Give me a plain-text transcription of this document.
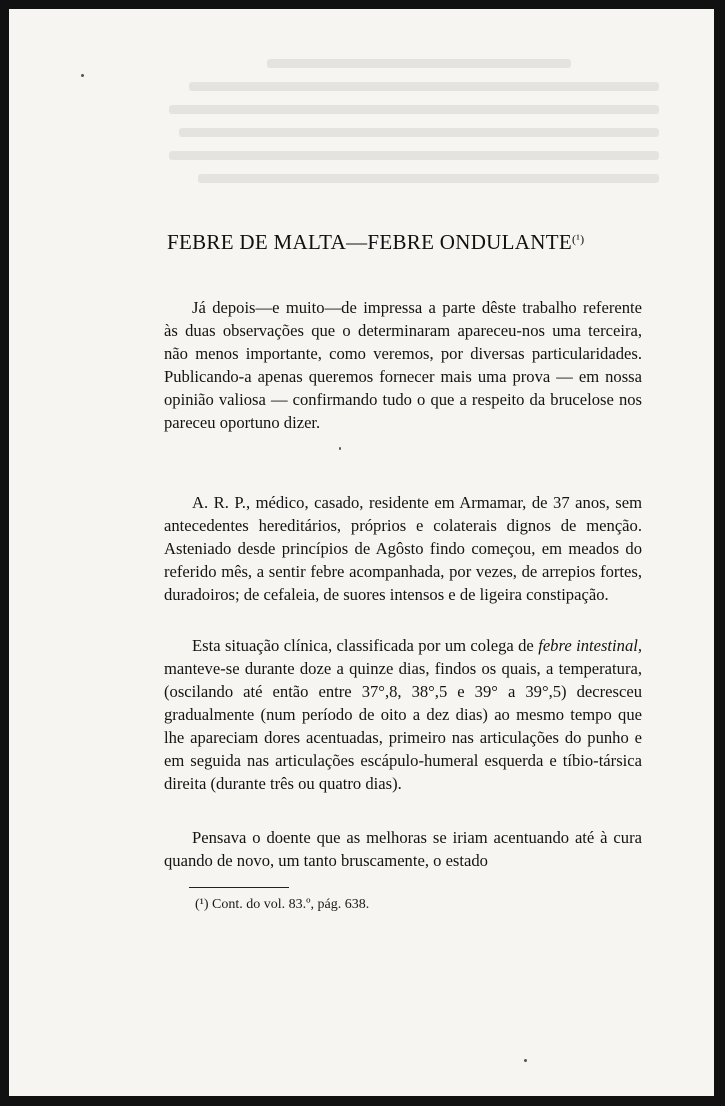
FEBRE DE MALTA—FEBRE $ONDULANTE^{(^1)}$

Já depois—e muito—de impressa a parte dêste trabalho referente às duas observações que o determinaram apareceu-nos uma terceira, não menos importante, como veremos, por diversas particularidades. Publicando-a apenas queremos fornecer mais uma prova — em nossa opinião valiosa — confirmando tudo o que a respeito da brucelose nos pareceu oportuno dizer.

A. R. P., médico, casado, residente em Armamar, de 37 anos, sem antecedentes hereditários, próprios e colaterais dignos de menção. Asteniado desde princípios de Agôsto findo começou, em meados do referido mês, a sentir febre acompanhada, por vezes, de arrepios fortes, duradoiros; de cefaleia, de suores intensos e de ligeira constipação.

Esta situação clínica, classificada por um colega de febre intestinal, manteve-se durante doze a quinze dias, findos os quais, a temperatura, (oscilando até então entre 37°,8, 38°,5 e 39° a 39°,5) decresceu gradualmente (num período de oito a dez dias) ao mesmo tempo que lhe apareciam dores acentuadas, primeiro nas articulações do punho e em seguida nas articulações escápulo-humeral esquerda e tíbio-társica direita (durante três ou quatro dias).

Pensava o doente que as melhoras se iriam acentuando até à cura quando de novo, um tanto bruscamente, o estado

(¹) Cont. do vol. 83.º, pág. 638.
